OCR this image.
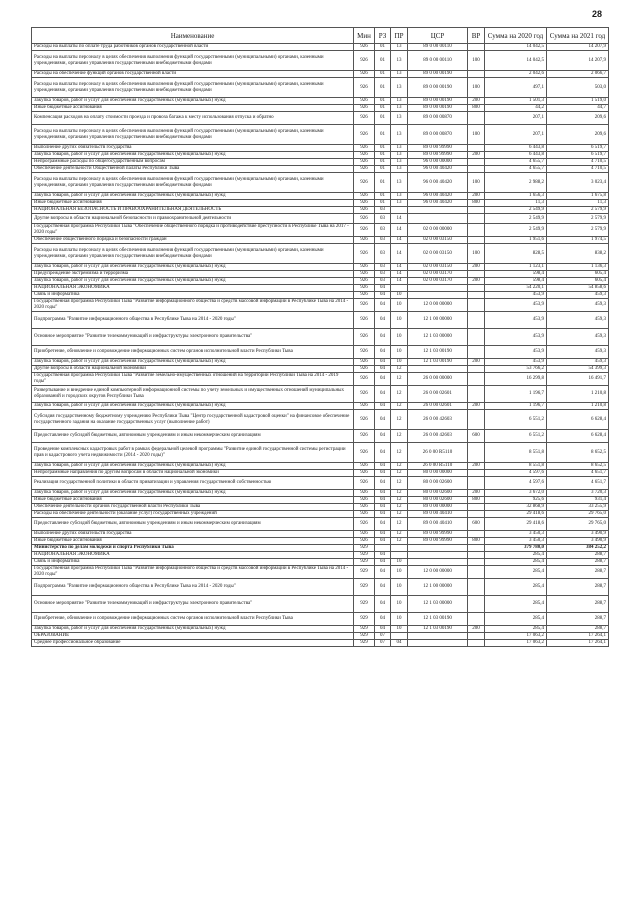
28
Наименование	Мин	РЗ	ПР	ЦСР	ВР	Сумма на 2020 год	Сумма на 2021 год
Расходы на выплаты по оплате труда работников органов государственной власти	926	01	13	89 0 00 00110		14 042,5	14 207,9
Расходы на выплаты персоналу в целях обеспечения выполнения функций государственными (муниципальными) органами, казенными учреждениями, органами управления государственными внебюджетными фондами	926	01	13	89 0 00 00110	100	14 042,5	14 207,9
Расходы на обеспечение функций органов государственной власти	926	01	13	89 0 00 00190		2 042,6	2 066,7
Расходы на выплаты персоналу в целях обеспечения выполнения функций государственными (муниципальными) органами, казенными учреждениями, органами управления государственными внебюджетными фондами	926	01	13	89 0 00 00190	100	497,1	503,0
Закупка товаров, работ и услуг для обеспечения государственных (муниципальных) нужд	926	01	13	89 0 00 00190	200	1 501,3	1 519,0
Иные бюджетные ассигнования	926	01	13	89 0 00 00190	800	44,2	44,7
Компенсация расходов на оплату стоимости проезда и провоза багажа к месту использования отпуска и обратно	926	01	13	89 0 00 00870		207,1	209,6
Расходы на выплаты персоналу в целях обеспечения выполнения функций государственными (муниципальными) органами, казенными учреждениями, органами управления государственными внебюджетными фондами	926	01	13	89 0 00 00870	100	207,1	209,6
Выполнение других обязательств государства	926	01	13	89 0 00 99990		6 443,8	6 519,7
Закупка товаров, работ и услуг для обеспечения государственных (муниципальных) нужд	926	01	13	89 0 00 99990	200	6 443,8	6 519,7
Непрограммные расходы по общегосударственным вопросам	926	01	13	96 0 00 00000		4 655,7	4 710,5
Обеспечение деятельности Общественной палаты Республики Тыва	926	01	13	96 0 00 40420		4 655,7	4 710,5
Расходы на выплаты персоналу в целях обеспечения выполнения функций государственными (муниципальными) органами, казенными учреждениями, органами управления государственными внебюджетными фондами	926	01	13	96 0 00 40420	100	2 988,2	3 023,4
Закупка товаров, работ и услуг для обеспечения государственных (муниципальных) нужд	926	01	13	96 0 00 40420	200	1 656,3	1 675,8
Иные бюджетные ассигнования	926	01	13	96 0 00 40420	800	11,3	11,3
НАЦИОНАЛЬНАЯ БЕЗОПАСНОСТЬ И ПРАВООХРАНИТЕЛЬНАЯ ДЕЯТЕЛЬНОСТЬ	926	03				2 549,9	2 579,9
Другие вопросы в области национальной безопасности и правоохранительной деятельности	926	03	14			2 549,9	2 579,9
Государственная программа Республики Тыва "Обеспечение общественного порядка и противодействие преступности в Республике Тыва на 2017 - 2020 годы"	926	03	14	02 0 00 00000		2 549,9	2 579,9
Обеспечение общественного порядка и безопасности граждан	926	03	14	02 0 00 03150		1 951,6	1 974,5
Расходы на выплаты персоналу в целях обеспечения выполнения функций государственными (муниципальными) органами, казенными учреждениями, органами управления государственными внебюджетными фондами	926	03	14	02 0 00 03150	100	828,5	838,2
Закупка товаров, работ и услуг для обеспечения государственных (муниципальных) нужд	926	03	14	02 0 00 03150	200	1 123,1	1 136,3
Предупреждение экстремизма и терроризма	926	03	14	02 0 00 03170		598,4	605,4
Закупка товаров, работ и услуг для обеспечения государственных (муниципальных) нужд	926	03	14	02 0 00 03170	200	598,4	605,4
НАЦИОНАЛЬНАЯ ЭКОНОМИКА	926	04				54 220,1	54 858,6
Связь и информатика	926	04	10			453,9	459,3
Государственная программа Республики Тыва "Развитие информационного общества и средств массовой информации в Республике Тыва на 2014 - 2020 годы"	926	04	10	12 0 00 00000		453,9	459,3
Подпрограмма "Развитие информационного общества в Республике Тыва на 2014 - 2020 годы"	926	04	10	12 1 00 00000		453,9	459,3
Основное мероприятие "Развитие телекоммуникаций и инфраструктуры электронного правительства"	926	04	10	12 1 03 00000		453,9	459,3
Приобретение, обновление и сопровождение информационных систем органов исполнительной власти Республики Тыва	926	04	10	12 1 03 00190		453,9	459,3
Закупка товаров, работ и услуг для обеспечения государственных (муниципальных) нужд	926	04	10	12 1 03 00190	200	453,9	459,3
Другие вопросы в области национальной экономики	926	04	12			53 766,2	54 399,3
Государственная программа Республики Тыва "Развитие земельно-имущественных отношений на территории Республики Тыва на 2014 - 2019 годы"	926	04	12	26 0 00 00000		16 299,8	16 491,7
Развертывание и внедрение единой компьютерной информационной системы по учету земельных и имущественных отношений муниципальных образований и городских округов Республики Тыва	926	04	12	26 0 00 02601		1 196,7	1 210,8
Закупка товаров, работ и услуг для обеспечения государственных (муниципальных) нужд	926	04	12	26 0 00 02601	200	1 196,7	1 210,8
Субсидия государственному бюджетному учреждению Республики Тыва "Центр государственной кадастровой оценки" на финансовое обеспечение государственного задания на оказание государственных услуг (выполнение работ)	926	04	12	26 0 00 42603		6 551,2	6 628,4
Предоставление субсидий бюджетным, автономным учреждениям и иным некоммерческим организациям	926	04	12	26 0 00 42603	600	6 551,2	6 628,4
Проведение комплексных кадастровых работ в рамках федеральной целевой программы "Развитие единой государственной системы регистрации прав и кадастрового учета недвижимости (2014 - 2020 годы)"	926	04	12	26 0 00 R5110		8 551,8	8 652,5
Закупка товаров, работ и услуг для обеспечения государственных (муниципальных) нужд	926	04	12	26 0 00 R5110	200	8 551,8	8 652,5
Непрограммные направления по другим вопросам в области национальной экономики	926	04	12	80 0 00 00000		4 597,6	4 651,7
Реализация государственной политики в области приватизации и управления государственной собственностью	926	04	12	80 0 00 02600		4 597,6	4 651,7
Закупка товаров, работ и услуг для обеспечения государственных (муниципальных) нужд	926	04	12	80 0 00 02600	200	3 672,0	3 720,3
Иные бюджетные ассигнования	926	04	12	80 0 00 02600	800	925,6	931,4
Обеспечение деятельности органов государственной власти Республики Тыва	926	04	12	89 0 00 00000		32 868,9	33 255,9
Расходы на обеспечение деятельности (оказание услуг) государственных учреждений	926	04	12	89 0 00 40410		29 418,6	29 765,0
Предоставление субсидий бюджетным, автономным учреждениям и иным некоммерческим организациям	926	04	12	89 0 00 40410	600	29 418,6	29 765,0
Выполнение других обязательств государства	926	04	12	89 0 00 99990		3 450,3	3 490,9
Иные бюджетные ассигнования	926	04	12	89 0 00 99990	800	3 450,3	3 490,9
Министерство по делам молодежи и спорта Республики Тыва	929					379 780,0	384 252,2
НАЦИОНАЛЬНАЯ ЭКОНОМИКА	929	04				285,4	288,7
Связь и информатика	929	04	10			285,4	288,7
Государственная программа Республики Тыва "Развитие информационного общества и средств массовой информации в Республике Тыва на 2014 - 2020 годы"	929	04	10	12 0 00 00000		285,4	288,7
Подпрограмма "Развитие информационного общества в Республике Тыва на 2014 - 2020 годы"	929	04	10	12 1 00 00000		285,4	288,7
Основное мероприятие "Развитие телекоммуникаций и инфраструктуры электронного правительства"	929	04	10	12 1 03 00000		285,4	288,7
Приобретение, обновление и сопровождение информационных систем органов исполнительной власти Республики Тыва	929	04	10	12 1 03 00190		285,4	288,7
Закупка товаров, работ и услуг для обеспечения государственных (муниципальных) нужд	929	04	10	12 1 03 00190	200	285,4	288,7
ОБРАЗОВАНИЕ	929	07				17 063,2	17 264,1
Среднее профессиональное образование	929	07	04			17 063,2	17 264,1
